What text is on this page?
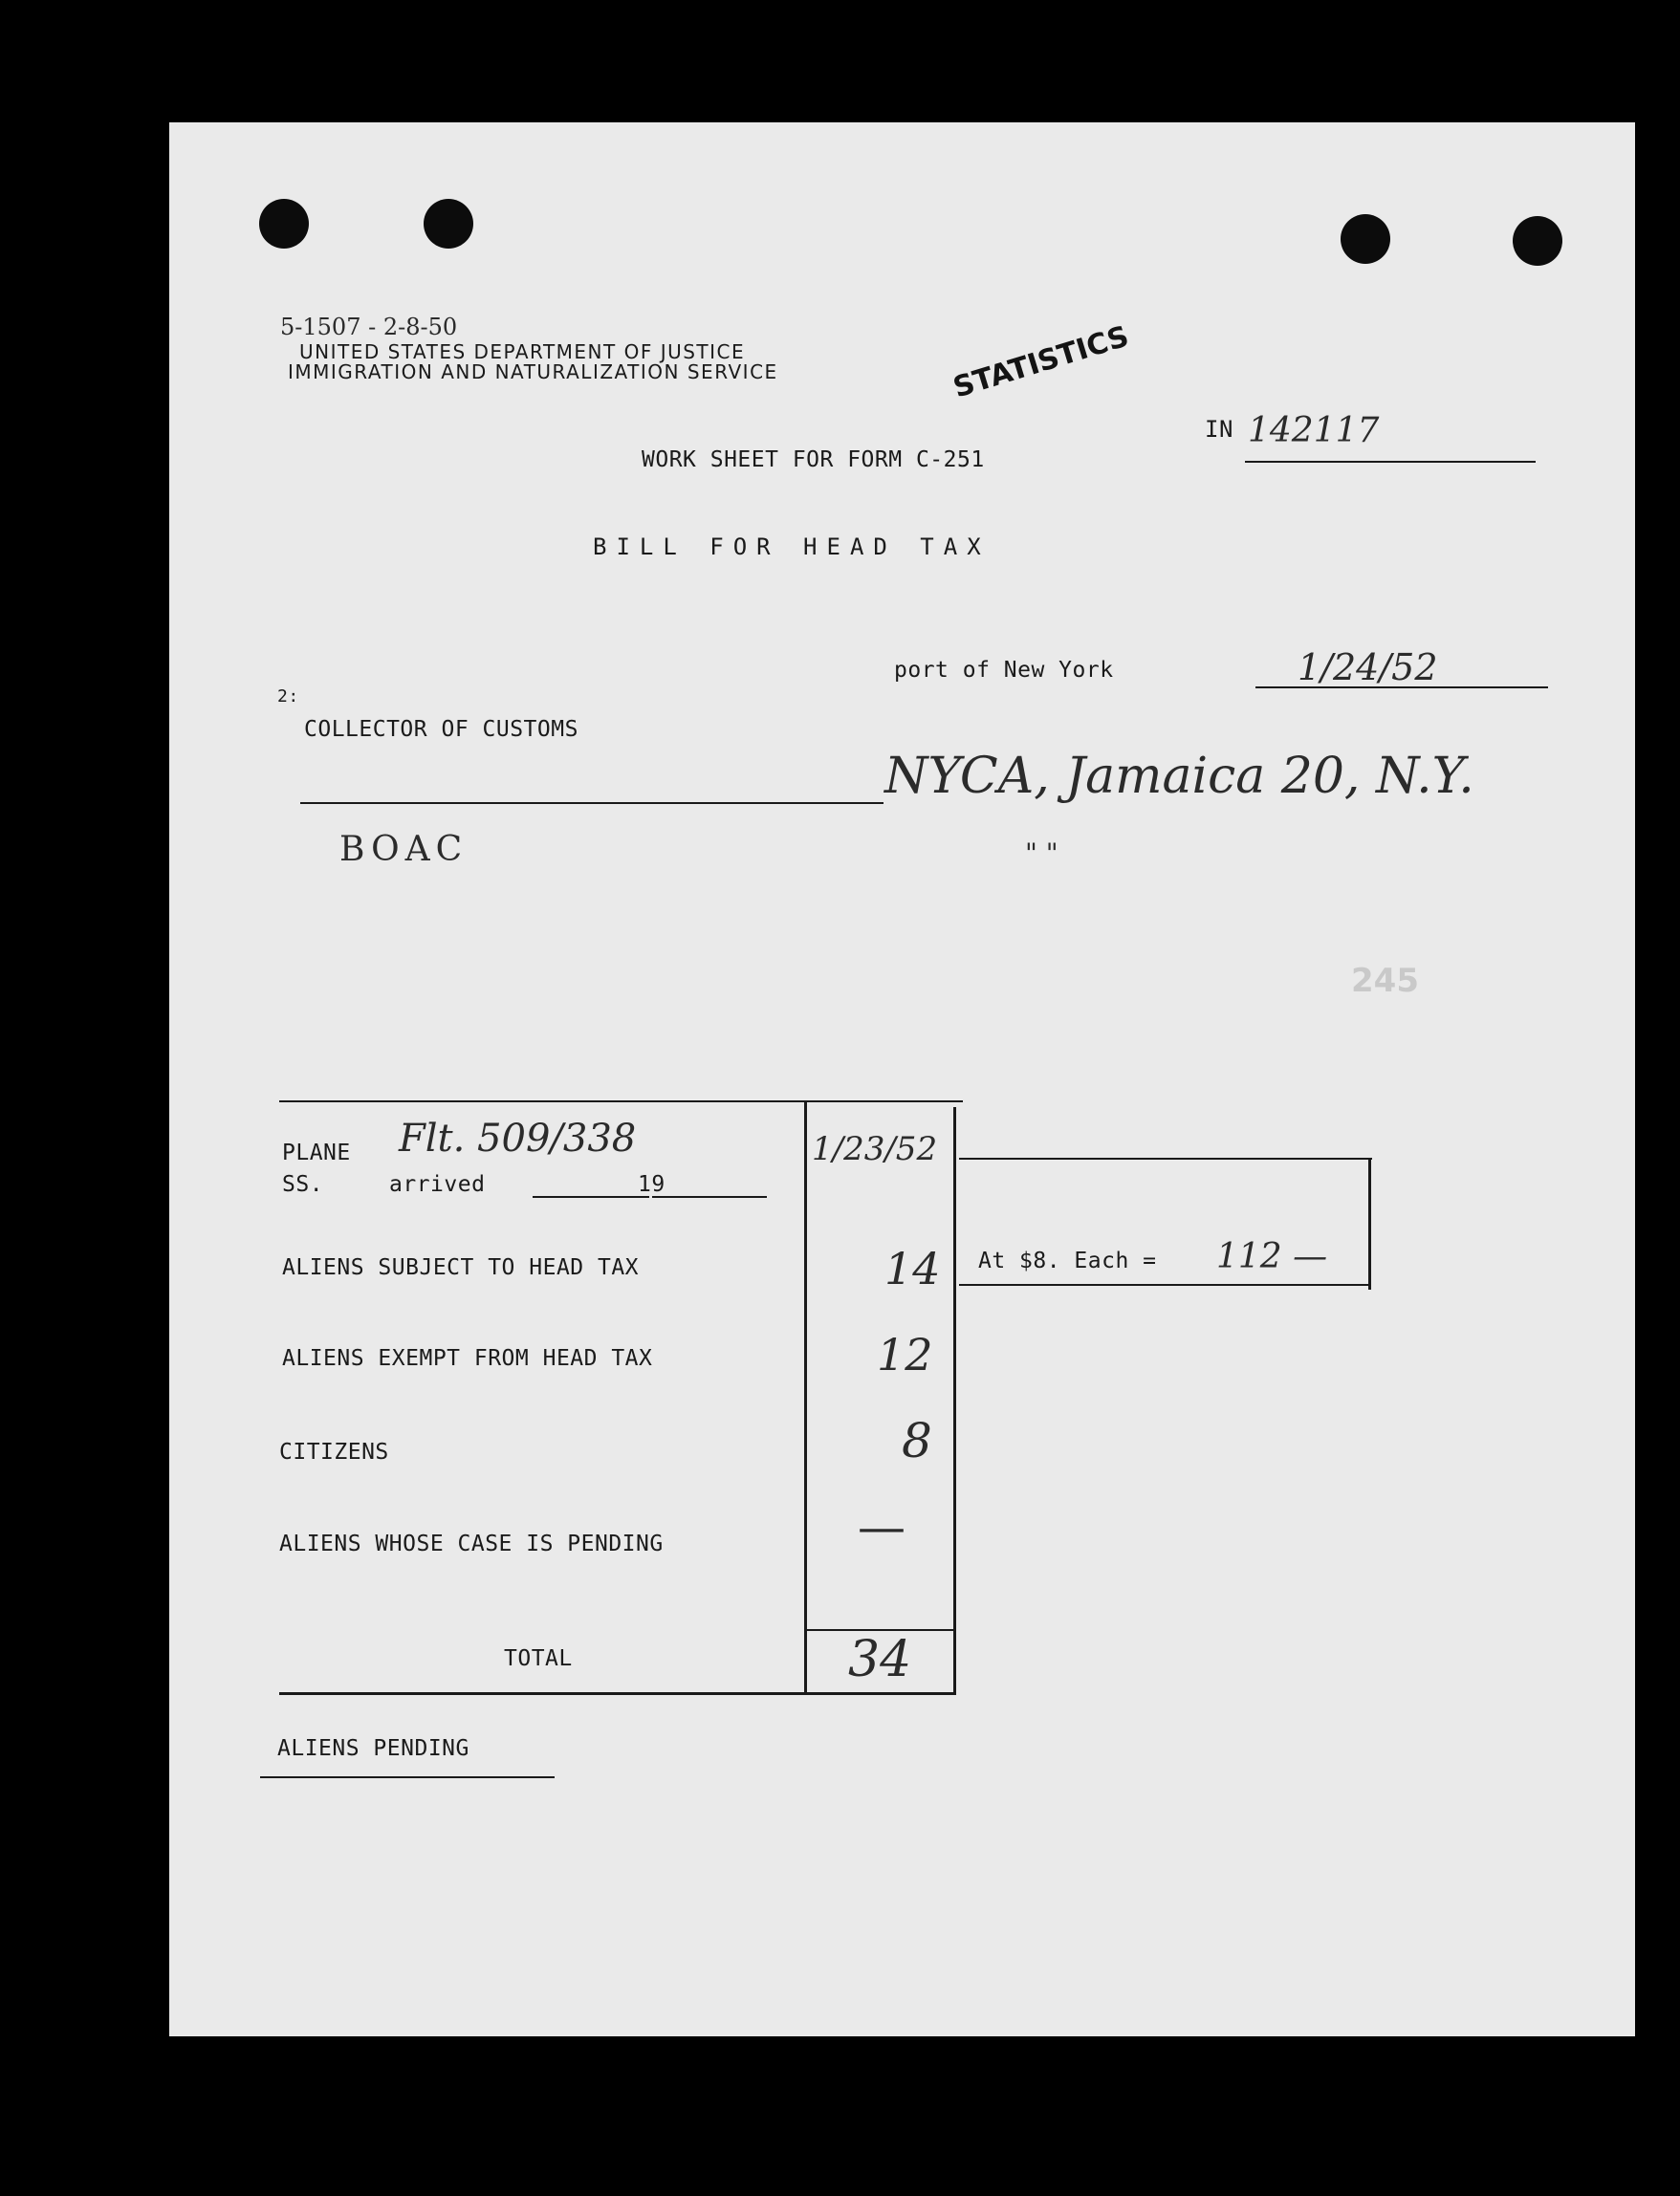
5-1507 - 2-8-50
UNITED STATES DEPARTMENT OF JUSTICE
IMMIGRATION AND NATURALIZATION SERVICE	STATISTICS
IN 142117
WORK SHEET FOR FORM C-251
BILL FOR HEAD TAX
port of New York	1/24/52
2:
COLLECTOR OF CUSTOMS
NYCA, Jamaica 20, N.Y.
BOAC	" "
245
PLANE
SS.	arrived
Flt. 509/338
19
1/23/52
At $8. Each = 112 —
ALIENS SUBJECT TO HEAD TAX	14
ALIENS EXEMPT FROM HEAD TAX	12
CITIZENS	8
ALIENS WHOSE CASE IS PENDING	—
TOTAL	34
ALIENS PENDING
